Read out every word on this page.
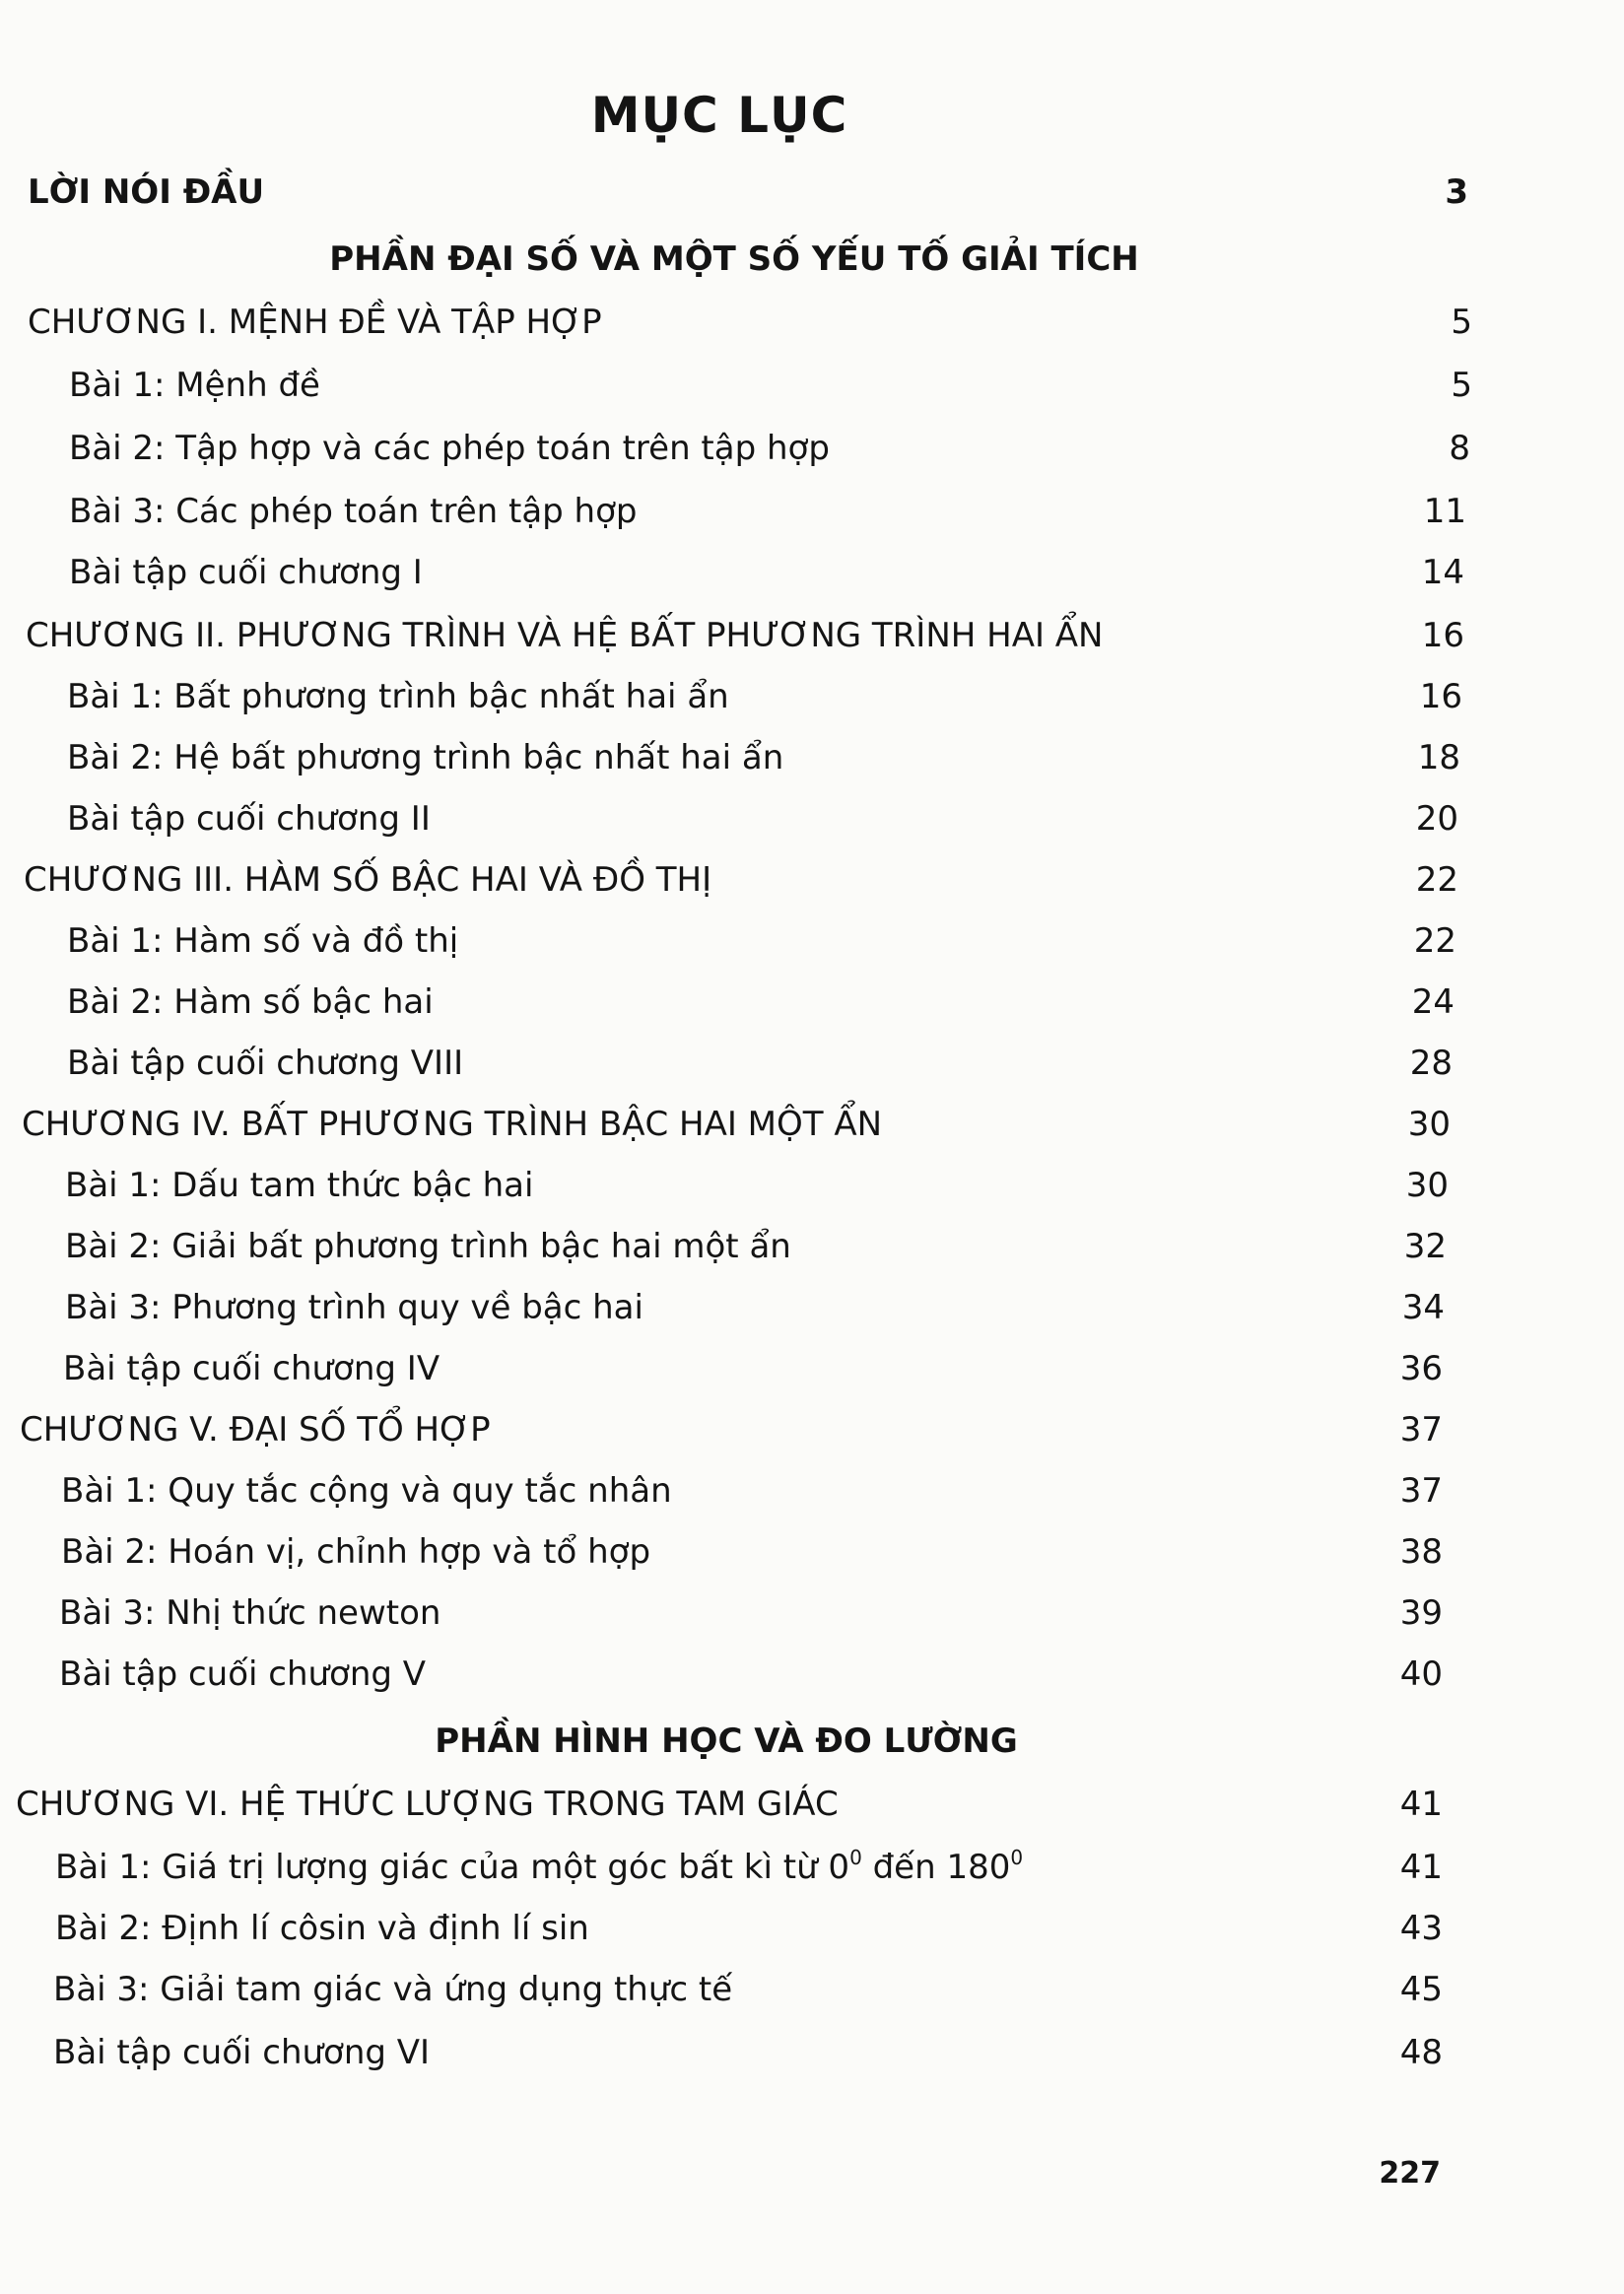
MỤC LỤC
LỜI NÓI ĐẦU	3
PHẦN ĐẠI SỐ VÀ MỘT SỐ YẾU TỐ GIẢI TÍCH
CHƯƠNG I. MỆNH ĐỀ VÀ TẬP HỢP	5
Bài 1: Mệnh đề	5
Bài 2: Tập hợp và các phép toán trên tập hợp	8
Bài 3: Các phép toán trên tập hợp	11
Bài tập cuối chương I	14
CHƯƠNG II. PHƯƠNG TRÌNH VÀ HỆ BẤT PHƯƠNG TRÌNH HAI ẨN	16
Bài 1: Bất phương trình bậc nhất hai ẩn	16
Bài 2: Hệ bất phương trình bậc nhất hai ẩn	18
Bài tập cuối chương II	20
CHƯƠNG III. HÀM SỐ BẬC HAI VÀ ĐỒ THỊ	22
Bài 1: Hàm số và đồ thị	22
Bài 2: Hàm số bậc hai	24
Bài tập cuối chương VIII	28
CHƯƠNG IV. BẤT PHƯƠNG TRÌNH BẬC HAI MỘT ẨN	30
Bài 1: Dấu tam thức bậc hai	30
Bài 2: Giải bất phương trình bậc hai một ẩn	32
Bài 3: Phương trình quy về bậc hai	34
Bài tập cuối chương IV	36
CHƯƠNG V. ĐẠI SỐ TỔ HỢP	37
Bài 1: Quy tắc cộng và quy tắc nhân	37
Bài 2: Hoán vị, chỉnh hợp và tổ hợp	38
Bài 3: Nhị thức newton	39
Bài tập cuối chương V	40
PHẦN HÌNH HỌC VÀ ĐO LƯỜNG
CHƯƠNG VI. HỆ THỨC LƯỢNG TRONG TAM GIÁC	41
Bài 1: Giá trị lượng giác của một góc bất kì từ $0^0$ đến $180^0$	41
Bài 2: Định lí côsin và định lí sin	43
Bài 3: Giải tam giác và ứng dụng thực tế	45
Bài tập cuối chương VI	48
227
